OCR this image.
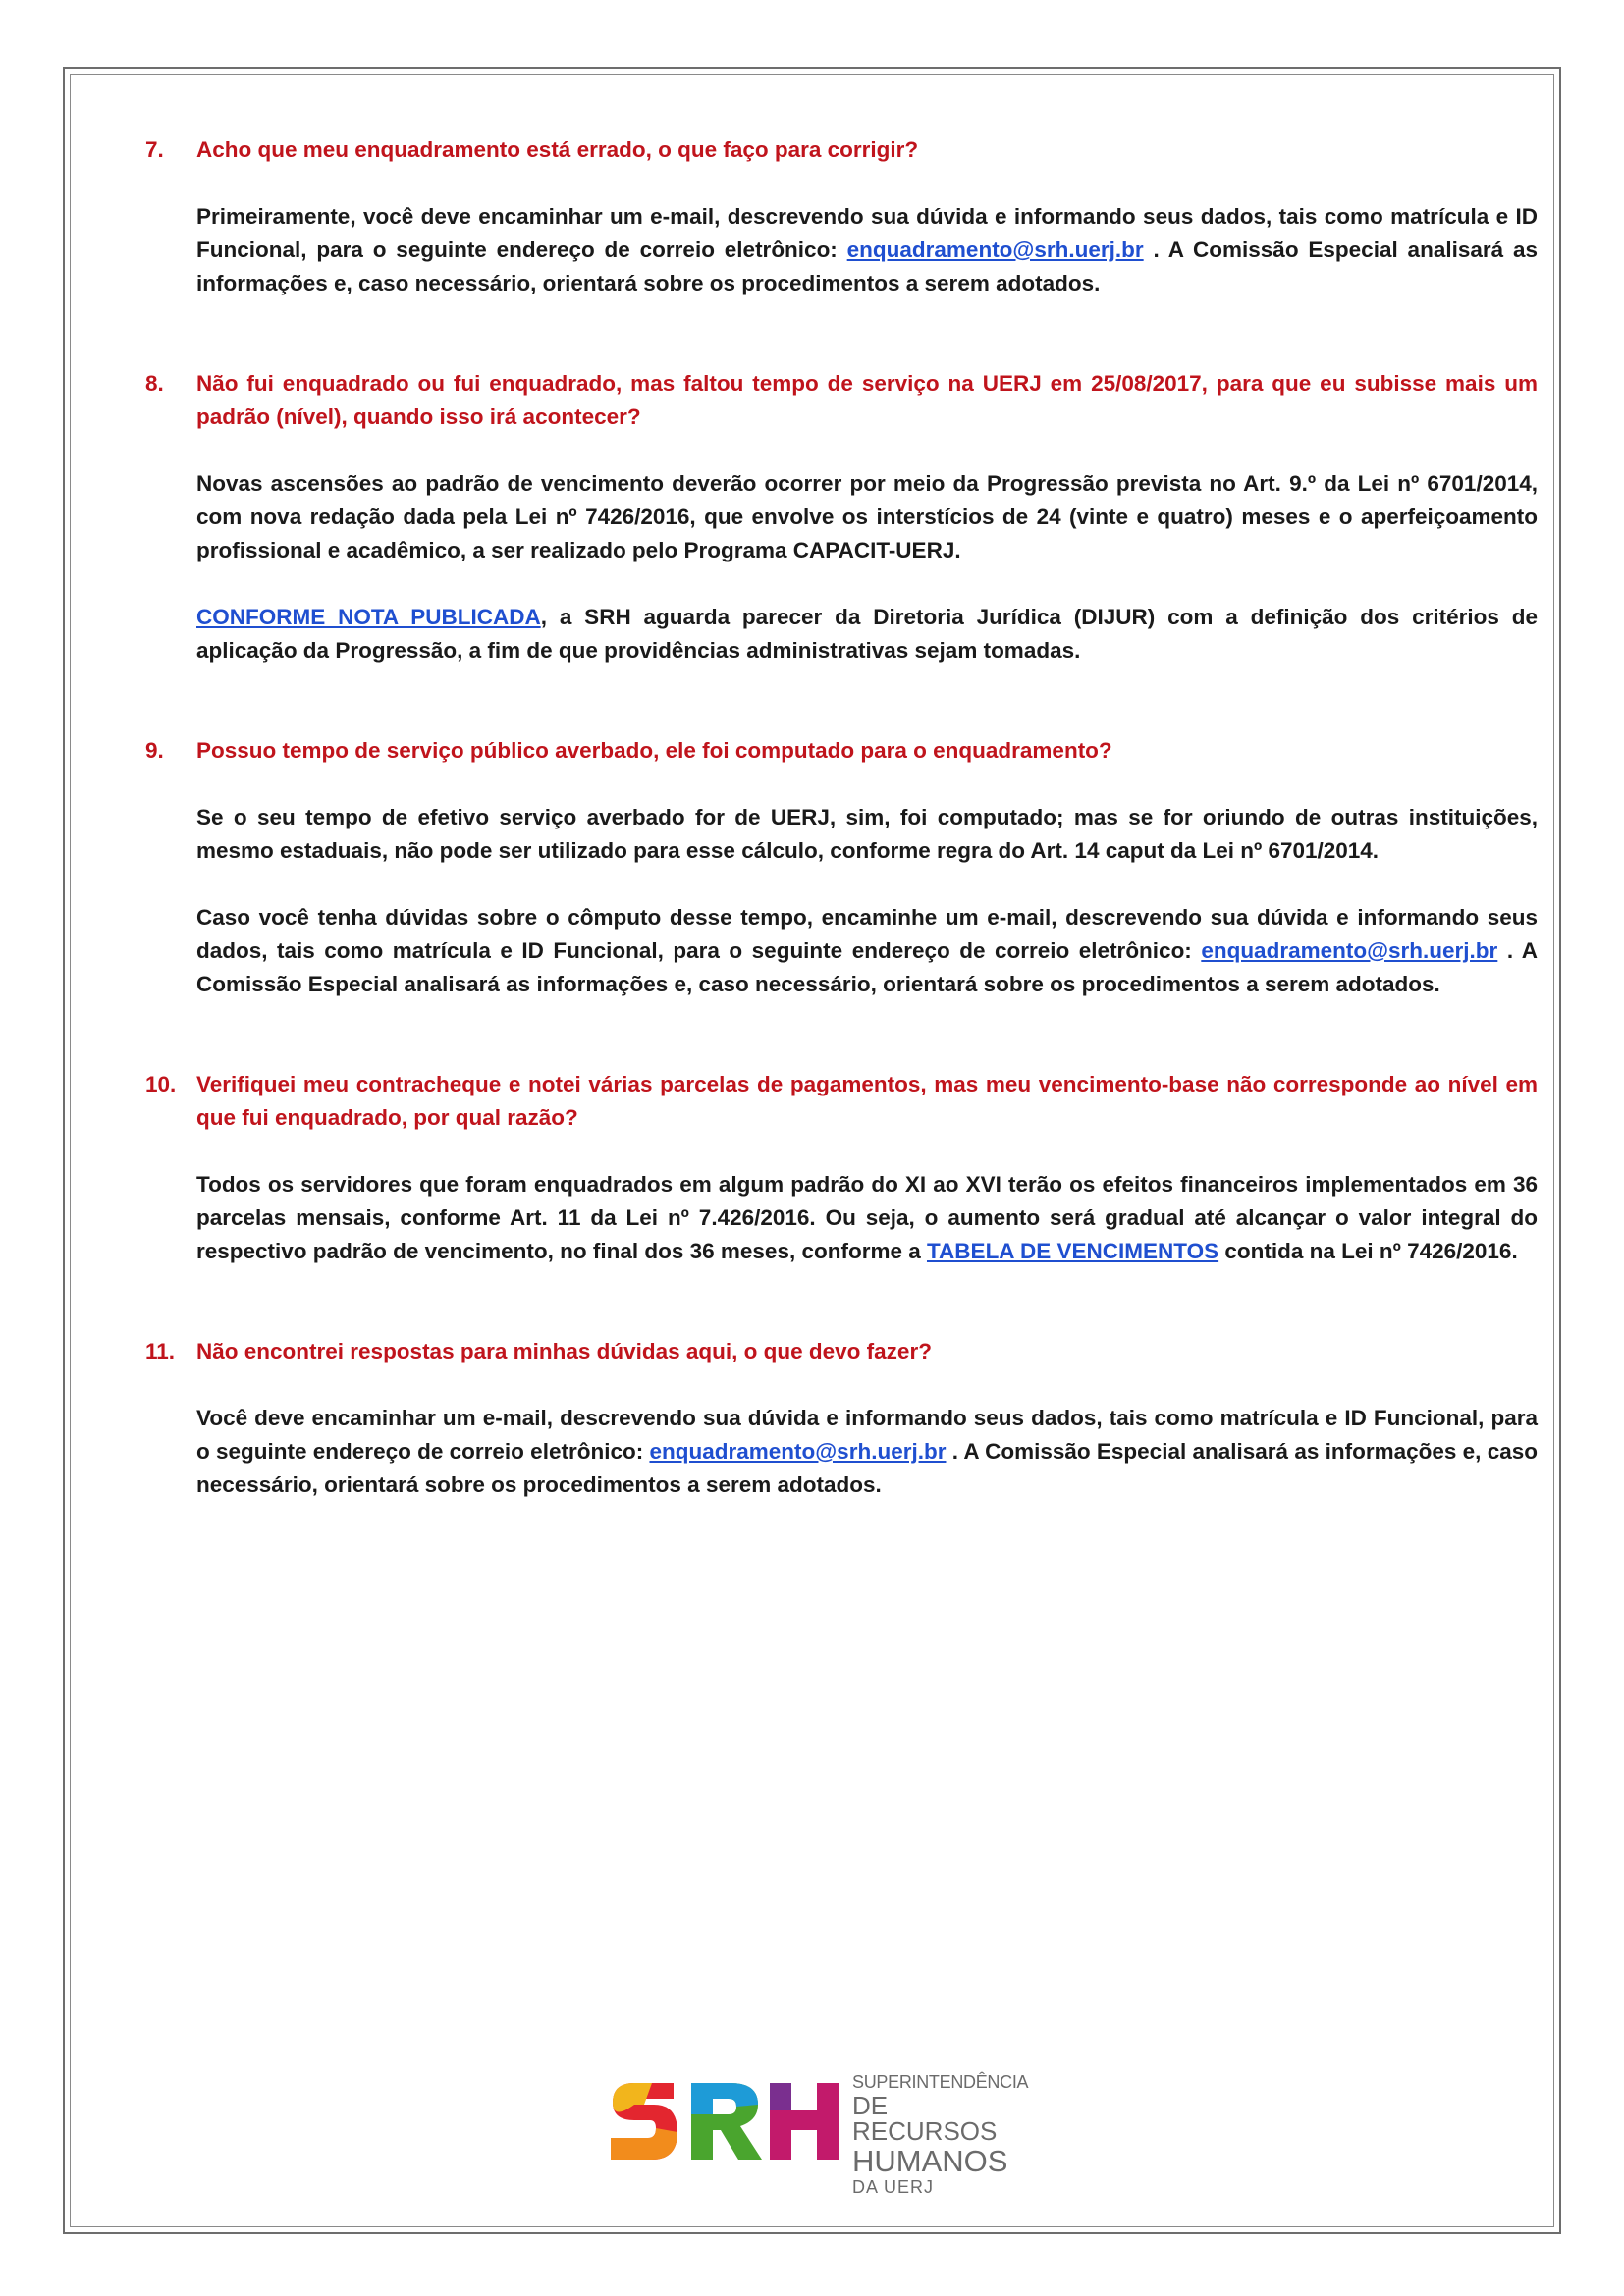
7. Acho que meu enquadramento está errado, o que faço para corrigir?

Primeiramente, você deve encaminhar um e-mail, descrevendo sua dúvida e informando seus dados, tais como matrícula e ID Funcional, para o seguinte endereço de correio eletrônico: enquadramento@srh.uerj.br . A Comissão Especial analisará as informações e, caso necessário, orientará sobre os procedimentos a serem adotados.

8. Não fui enquadrado ou fui enquadrado, mas faltou tempo de serviço na UERJ em 25/08/2017, para que eu subisse mais um padrão (nível), quando isso irá acontecer?

Novas ascensões ao padrão de vencimento deverão ocorrer por meio da Progressão prevista no Art. 9.º da Lei nº 6701/2014, com nova redação dada pela Lei nº 7426/2016, que envolve os interstícios de 24 (vinte e quatro) meses e o aperfeiçoamento profissional e acadêmico, a ser realizado pelo Programa CAPACIT-UERJ.

CONFORME NOTA PUBLICADA, a SRH aguarda parecer da Diretoria Jurídica (DIJUR) com a definição dos critérios de aplicação da Progressão, a fim de que providências administrativas sejam tomadas.

9. Possuo tempo de serviço público averbado, ele foi computado para o enquadramento?

Se o seu tempo de efetivo serviço averbado for de UERJ, sim, foi computado; mas se for oriundo de outras instituições, mesmo estaduais, não pode ser utilizado para esse cálculo, conforme regra do Art. 14 caput da Lei nº 6701/2014.

Caso você tenha dúvidas sobre o cômputo desse tempo, encaminhe um e-mail, descrevendo sua dúvida e informando seus dados, tais como matrícula e ID Funcional, para o seguinte endereço de correio eletrônico: enquadramento@srh.uerj.br . A Comissão Especial analisará as informações e, caso necessário, orientará sobre os procedimentos a serem adotados.

10. Verifiquei meu contracheque e notei várias parcelas de pagamentos, mas meu vencimento-base não corresponde ao nível em que fui enquadrado, por qual razão?

Todos os servidores que foram enquadrados em algum padrão do XI ao XVI terão os efeitos financeiros implementados em 36 parcelas mensais, conforme Art. 11 da Lei nº 7.426/2016. Ou seja, o aumento será gradual até alcançar o valor integral do respectivo padrão de vencimento, no final dos 36 meses, conforme a TABELA DE VENCIMENTOS contida na Lei nº 7426/2016.

11. Não encontrei respostas para minhas dúvidas aqui, o que devo fazer?

Você deve encaminhar um e-mail, descrevendo sua dúvida e informando seus dados, tais como matrícula e ID Funcional, para o seguinte endereço de correio eletrônico: enquadramento@srh.uerj.br . A Comissão Especial analisará as informações e, caso necessário, orientará sobre os procedimentos a serem adotados.

SUPERINTENDÊNCIA
DE RECURSOS
HUMANOS
DA UERJ
